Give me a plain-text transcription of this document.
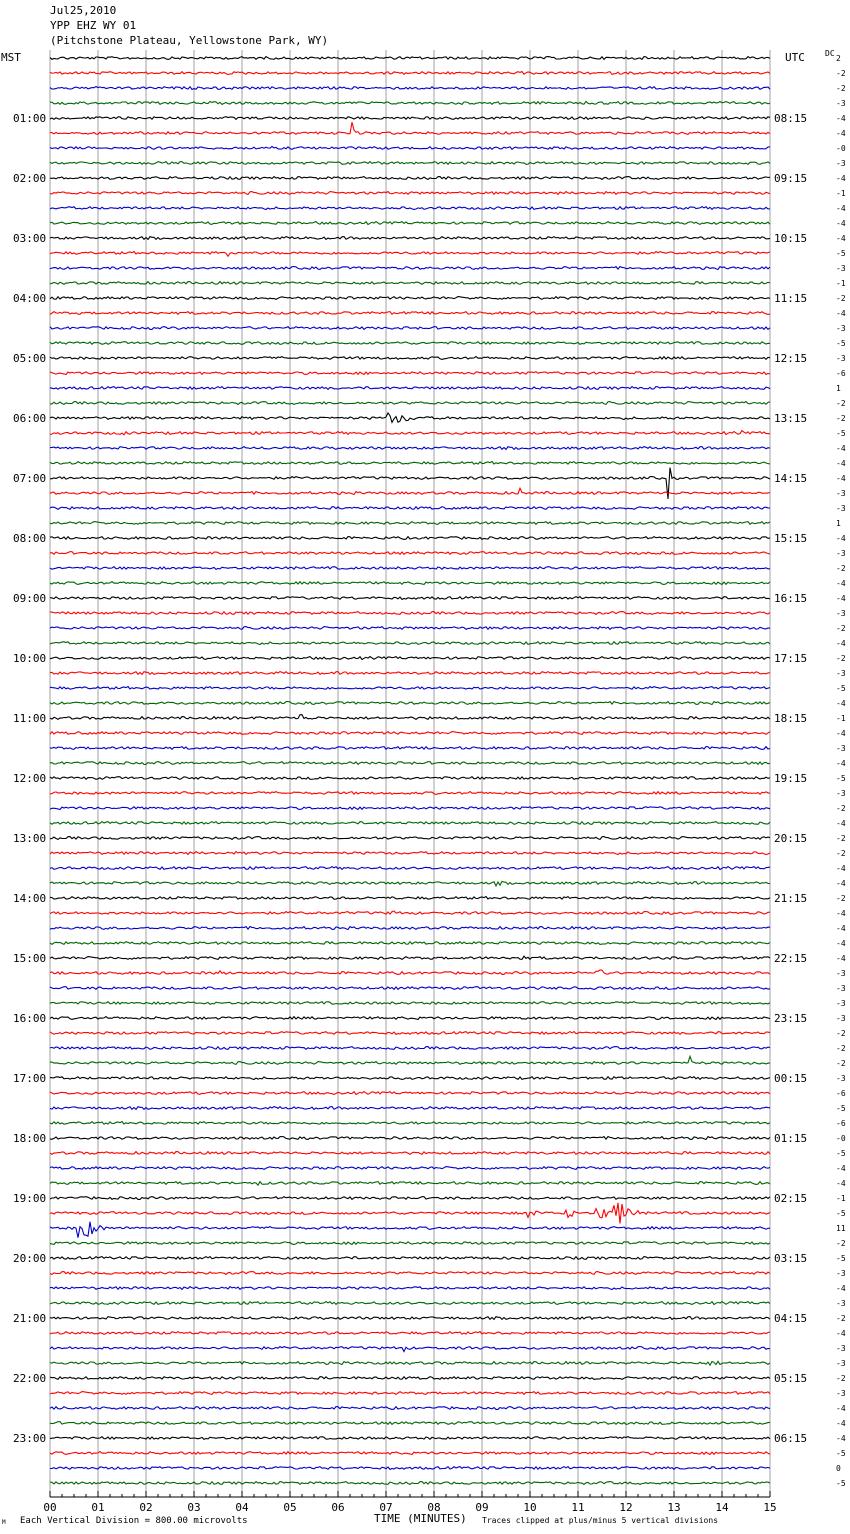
Jul25,2010
YPP EHZ WY 01
(Pitchstone Plateau, Yellowstone Park, WY)
MST	UTC	DC
2
-2
-2
-3
-4
01:00	08:15
-4
-0
-3
-4
02:00	09:15
-1
-4
-4
-4
03:00	10:15
-5
-3
-1
-2
04:00	11:15
-4
-3
-5
-3
05:00	12:15
-6
1
-2
-2
06:00	13:15
-5
-4
-4
-4
07:00	14:15
-3
-3
1
-4
08:00	15:15
-3
-2
-4
-4
09:00	16:15
-3
-2
-4
-2
10:00	17:15
-3
-5
-4
-1
11:00	18:15
-4
-3
-4
-5
12:00	19:15
-3
-2
-4
-2
13:00	20:15
-2
-4
-4
-2
14:00	21:15
-4
-4
-4
-4
15:00	22:15
-3
-3
-3
-3
16:00	23:15
-2
-2
-2
-3
17:00	00:15
-6
-5
-6
-0
18:00	01:15
-5
-4
-4
-1
19:00	02:15
-5
11
-2
-5
20:00	03:15
-3
-4
-3
-2
21:00	04:15
-4
-3
-3
-2
22:00	05:15
-3
-4
-4
-4
23:00	06:15
-5
0
-5
00	01	02	03	04	05	06	07	08	09	10	11	12	13	14	15
M Each Vertical Division = 800.00 microvolts	TIME (MINUTES) Traces clipped at plus/minus 5 vertical divisions
